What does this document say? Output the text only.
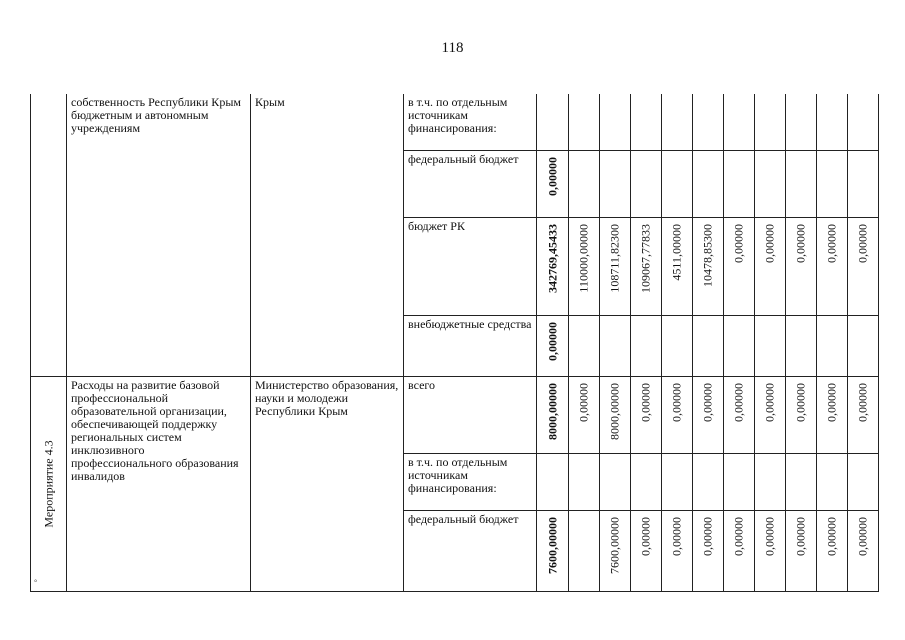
118
	собственность Республики Крым бюджетным и автономным учреждениям	Крым	в т.ч. по отдельным источникам финансирования:	

			федеральный бюджет	0,00000										

			бюджет РК	342769,45433	110000,00000	108711,82300	109067,77833	4511,00000	10478,85300	0,00000	0,00000	0,00000	0,00000	0,00000

			внебюджетные средства	0,00000										

Мероприятие 4.3	Расходы на развитие базовой профессиональной образовательной организации, обеспечивающей поддержку региональных систем инклюзивного профессионального образования инвалидов	Министерство образования, науки и молодежи Республики Крым	всего	8000,00000	0,00000	8000,00000	0,00000	0,00000	0,00000	0,00000	0,00000	0,00000	0,00000	0,00000

			в т.ч. по отдельным источникам финансирования:	

			федеральный бюджет	7600,00000		7600,00000	0,00000	0,00000	0,00000	0,00000	0,00000	0,00000	0,00000	0,00000
°
